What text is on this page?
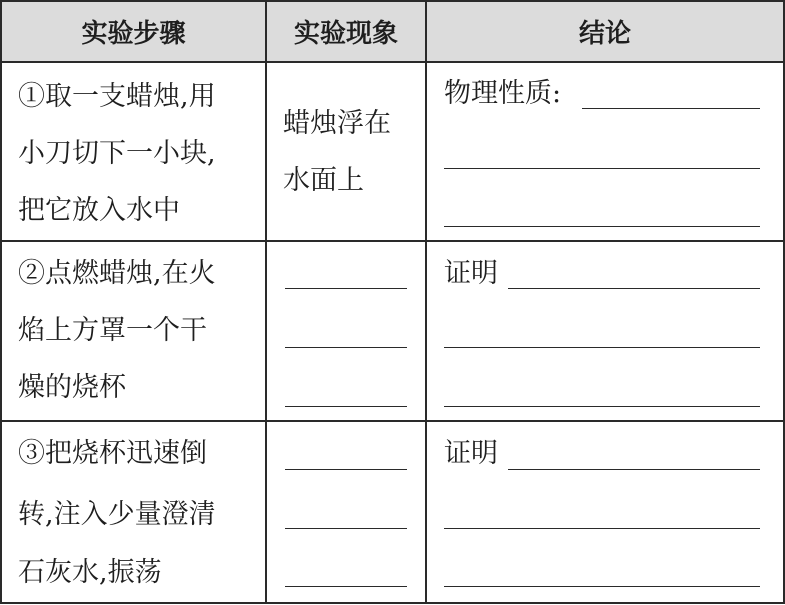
实验步骤	实验现象	结论
①取一支蜡烛,用
小刀切下一小块,
把它放入水中
蜡烛浮在
水面上
物理性质:
②点燃蜡烛,在火
焰上方罩一个干
燥的烧杯
证明
③把烧杯迅速倒
转,注入少量澄清
石灰水,振荡
证明
